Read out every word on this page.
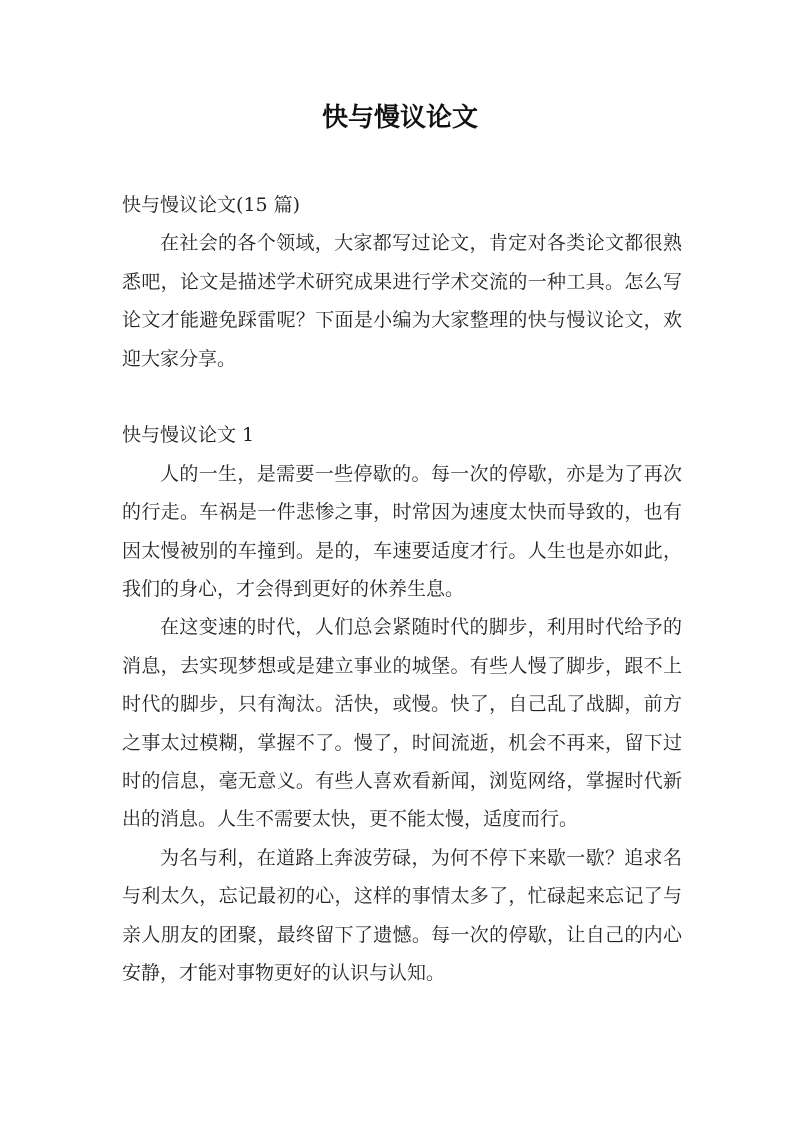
快与慢议论文

快与慢议论文(15 篇)

在社会的各个领域，大家都写过论文，肯定对各类论文都很熟悉吧，论文是描述学术研究成果进行学术交流的一种工具。怎么写论文才能避免踩雷呢？下面是小编为大家整理的快与慢议论文，欢迎大家分享。

快与慢议论文 1

人的一生，是需要一些停歇的。每一次的停歇，亦是为了再次的行走。车祸是一件悲惨之事，时常因为速度太快而导致的，也有因太慢被别的车撞到。是的，车速要适度才行。人生也是亦如此，我们的身心，才会得到更好的休养生息。

在这变速的时代，人们总会紧随时代的脚步，利用时代给予的消息，去实现梦想或是建立事业的城堡。有些人慢了脚步，跟不上时代的脚步，只有淘汰。活快，或慢。快了，自己乱了战脚，前方之事太过模糊，掌握不了。慢了，时间流逝，机会不再来，留下过时的信息，毫无意义。有些人喜欢看新闻，浏览网络，掌握时代新出的消息。人生不需要太快，更不能太慢，适度而行。

为名与利，在道路上奔波劳碌，为何不停下来歇一歇？追求名与利太久，忘记最初的心，这样的事情太多了，忙碌起来忘记了与亲人朋友的团聚，最终留下了遗憾。每一次的停歇，让自己的内心安静，才能对事物更好的认识与认知。
